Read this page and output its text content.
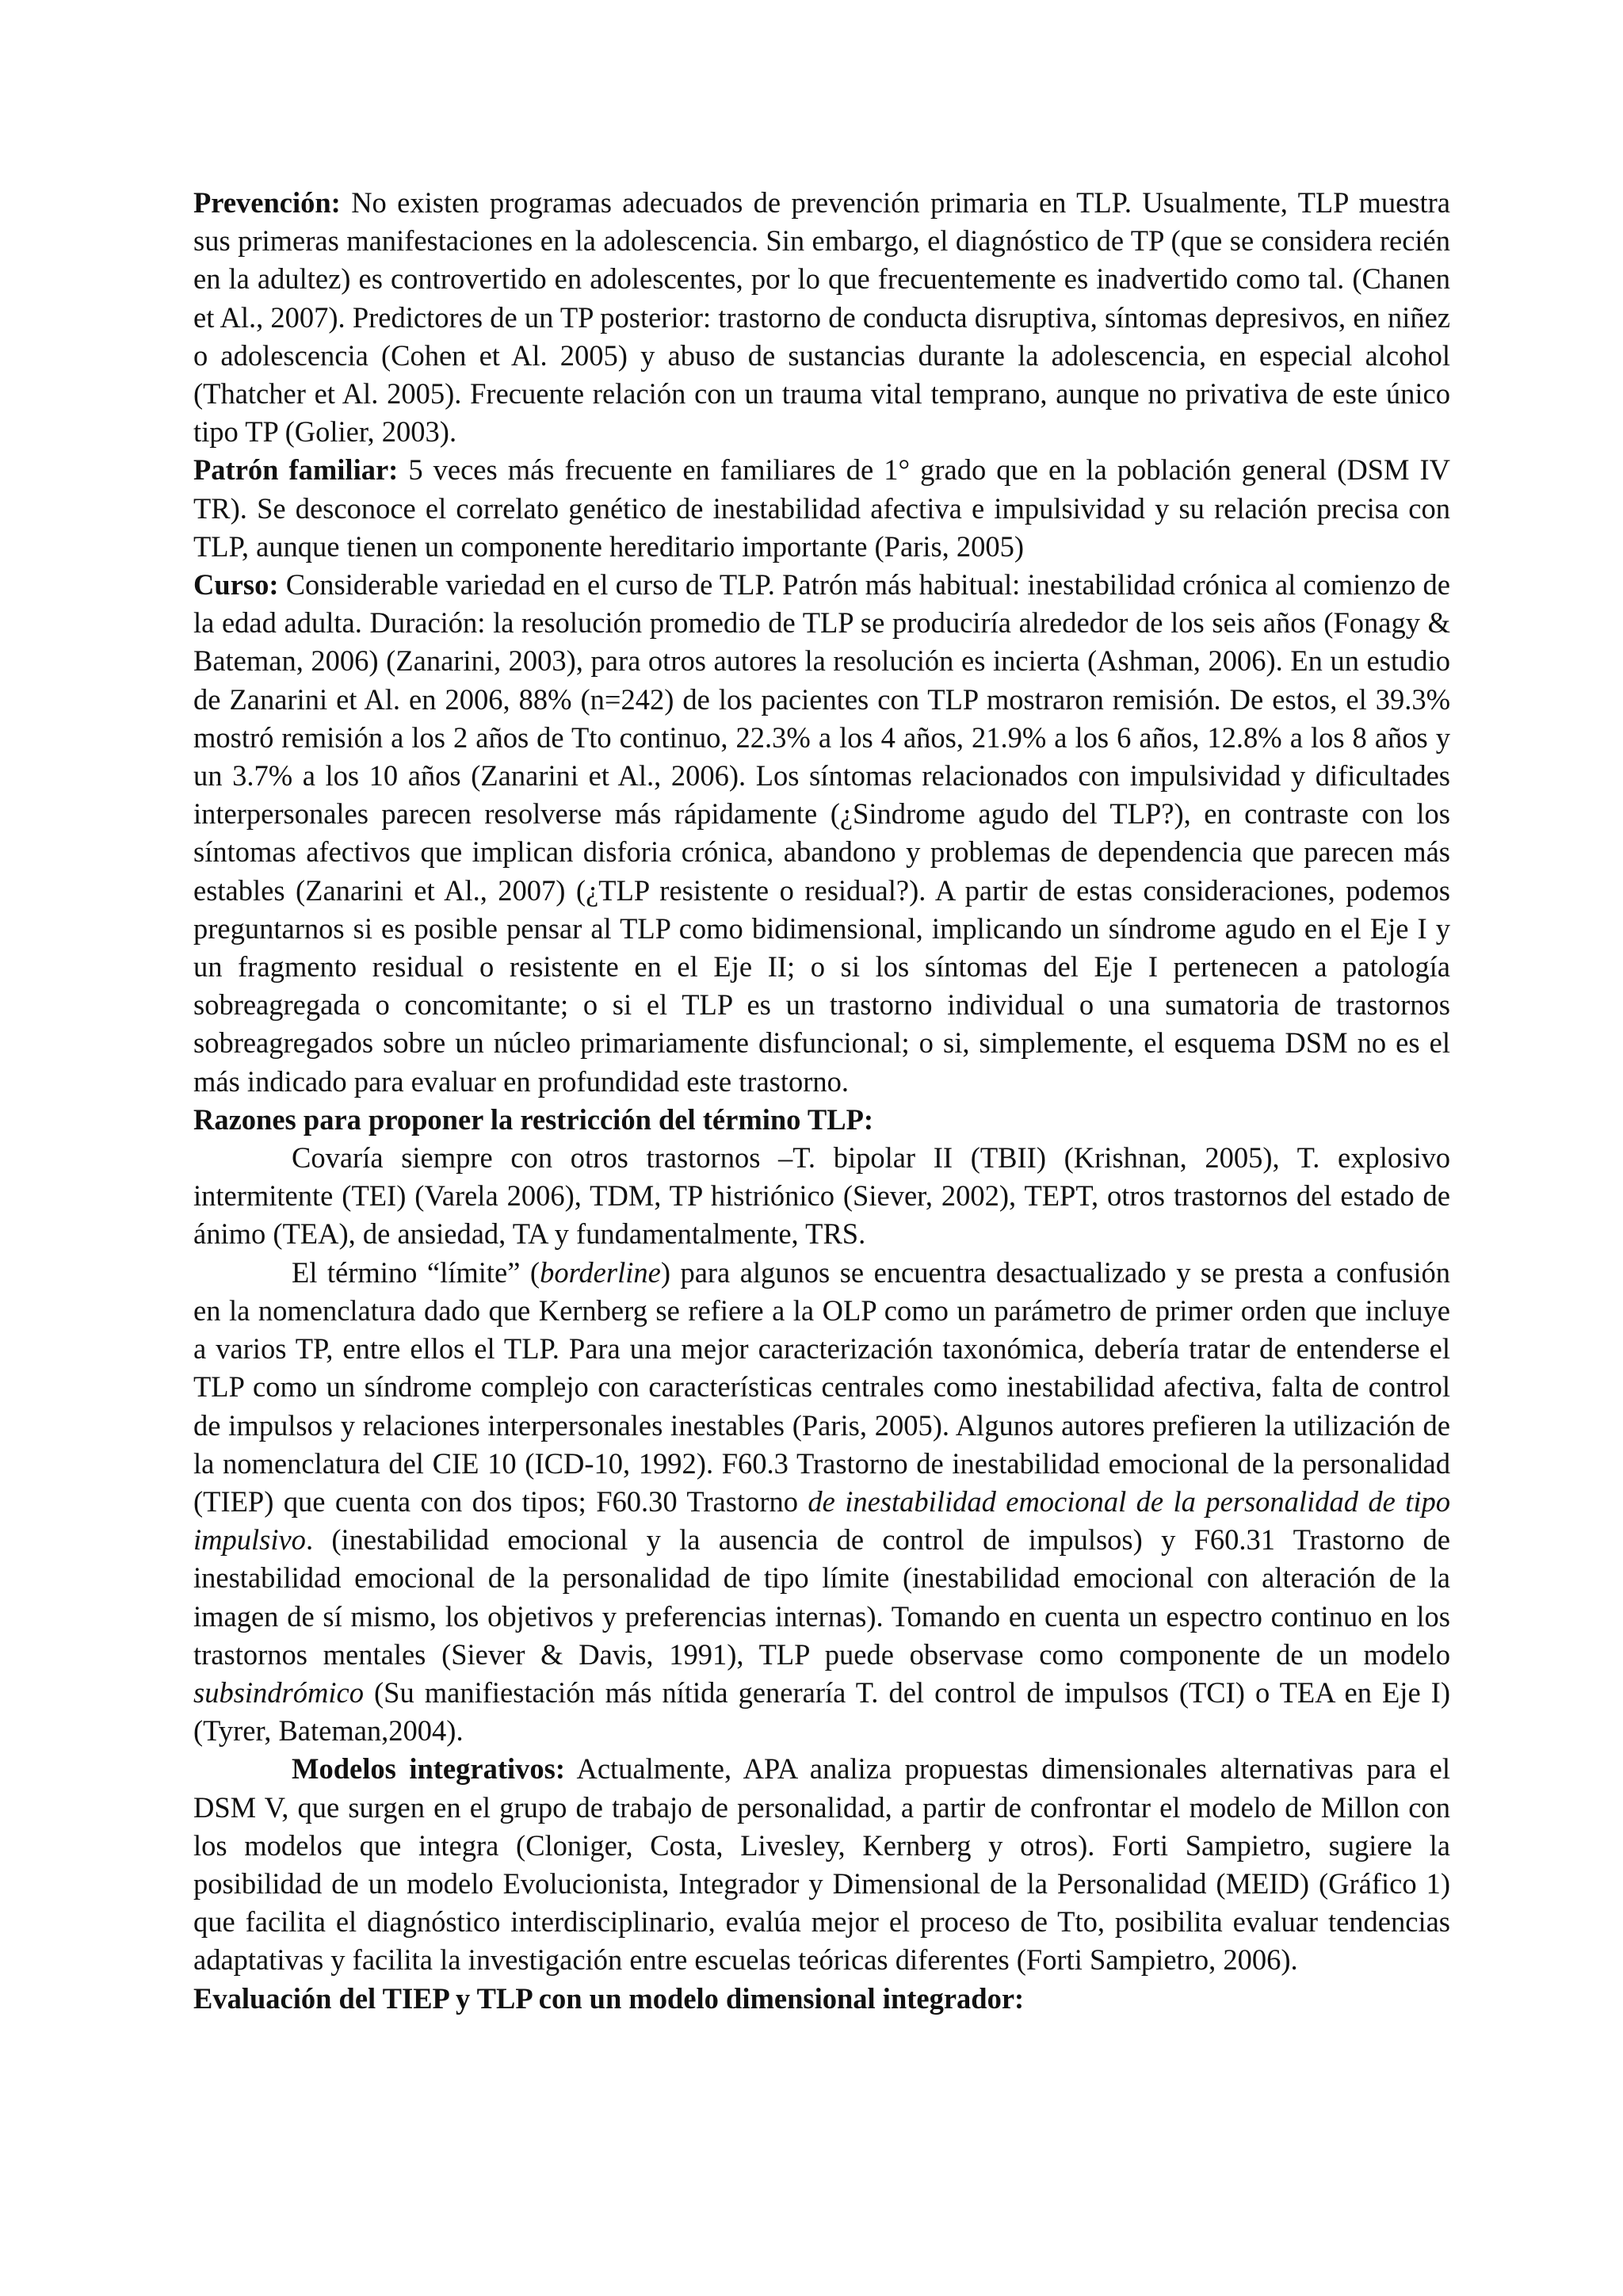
Prevención: No existen programas adecuados de prevención primaria en TLP. Usualmente, TLP muestra sus primeras manifestaciones en la adolescencia. Sin embargo, el diagnóstico de TP (que se considera recién en la adultez) es controvertido en adolescentes, por lo que frecuentemente es inadvertido como tal. (Chanen et Al., 2007). Predictores de un TP posterior: trastorno de conducta disruptiva, síntomas depresivos, en niñez o adolescencia (Cohen et Al. 2005) y abuso de sustancias durante la adolescencia, en especial alcohol (Thatcher et Al. 2005). Frecuente relación con un trauma vital temprano, aunque no privativa de este único tipo TP (Golier, 2003).

Patrón familiar: 5 veces más frecuente en familiares de 1° grado que en la población general (DSM IV TR). Se desconoce el correlato genético de inestabilidad afectiva e impulsividad y su relación precisa con TLP, aunque tienen un componente hereditario importante (Paris, 2005)

Curso: Considerable variedad en el curso de TLP. Patrón más habitual: inestabilidad crónica al comienzo de la edad adulta. Duración: la resolución promedio de TLP se produciría alrededor de los seis años (Fonagy & Bateman, 2006) (Zanarini, 2003), para otros autores la resolución es incierta (Ashman, 2006). En un estudio de Zanarini et Al. en 2006, 88% (n=242) de los pacientes con TLP mostraron remisión. De estos, el 39.3% mostró remisión a los 2 años de Tto continuo, 22.3% a los 4 años, 21.9% a los 6 años, 12.8% a los 8 años y un 3.7% a los 10 años (Zanarini et Al., 2006). Los síntomas relacionados con impulsividad y dificultades interpersonales parecen resolverse más rápidamente (¿Sindrome agudo del TLP?), en contraste con los síntomas afectivos que implican disforia crónica, abandono y problemas de dependencia que parecen más estables (Zanarini et Al., 2007) (¿TLP resistente o residual?). A partir de estas consideraciones, podemos preguntarnos si es posible pensar al TLP como bidimensional, implicando un síndrome agudo en el Eje I y un fragmento residual o resistente en el Eje II; o si los síntomas del Eje I pertenecen a patología sobreagregada o concomitante; o si el TLP es un trastorno individual o una sumatoria de trastornos sobreagregados sobre un núcleo primariamente disfuncional; o si, simplemente, el esquema DSM no es el más indicado para evaluar en profundidad este trastorno.

Razones para proponer la restricción del término TLP:

Covaría siempre con otros trastornos –T. bipolar II (TBII) (Krishnan, 2005), T. explosivo intermitente (TEI) (Varela 2006), TDM, TP histriónico (Siever, 2002), TEPT, otros trastornos del estado de ánimo (TEA), de ansiedad, TA y fundamentalmente, TRS.

El término “límite” (borderline) para algunos se encuentra desactualizado y se presta a confusión en la nomenclatura dado que Kernberg se refiere a la OLP como un parámetro de primer orden que incluye a varios TP, entre ellos el TLP. Para una mejor caracterización taxonómica, debería tratar de entenderse el TLP como un síndrome complejo con características centrales como inestabilidad afectiva, falta de control de impulsos y relaciones interpersonales inestables (Paris, 2005). Algunos autores prefieren la utilización de la nomenclatura del CIE 10 (ICD-10, 1992). F60.3 Trastorno de inestabilidad emocional de la personalidad (TIEP) que cuenta con dos tipos; F60.30 Trastorno de inestabilidad emocional de la personalidad de tipo impulsivo. (inestabilidad emocional y la ausencia de control de impulsos) y F60.31 Trastorno de inestabilidad emocional de la personalidad de tipo límite (inestabilidad emocional con alteración de la imagen de sí mismo, los objetivos y preferencias internas). Tomando en cuenta un espectro continuo en los trastornos mentales (Siever & Davis, 1991), TLP puede observase como componente de un modelo subsindrómico (Su manifiestación más nítida generaría T. del control de impulsos (TCI) o TEA en Eje I) (Tyrer, Bateman,2004).

Modelos integrativos: Actualmente, APA analiza propuestas dimensionales alternativas para el DSM V, que surgen en el grupo de trabajo de personalidad, a partir de confrontar el modelo de Millon con los modelos que integra (Cloniger, Costa, Livesley, Kernberg y otros). Forti Sampietro, sugiere la posibilidad de un modelo Evolucionista, Integrador y Dimensional de la Personalidad (MEID) (Gráfico 1) que facilita el diagnóstico interdisciplinario, evalúa mejor el proceso de Tto, posibilita evaluar tendencias adaptativas y facilita la investigación entre escuelas teóricas diferentes (Forti Sampietro, 2006).

Evaluación del TIEP y TLP con un modelo dimensional integrador:
